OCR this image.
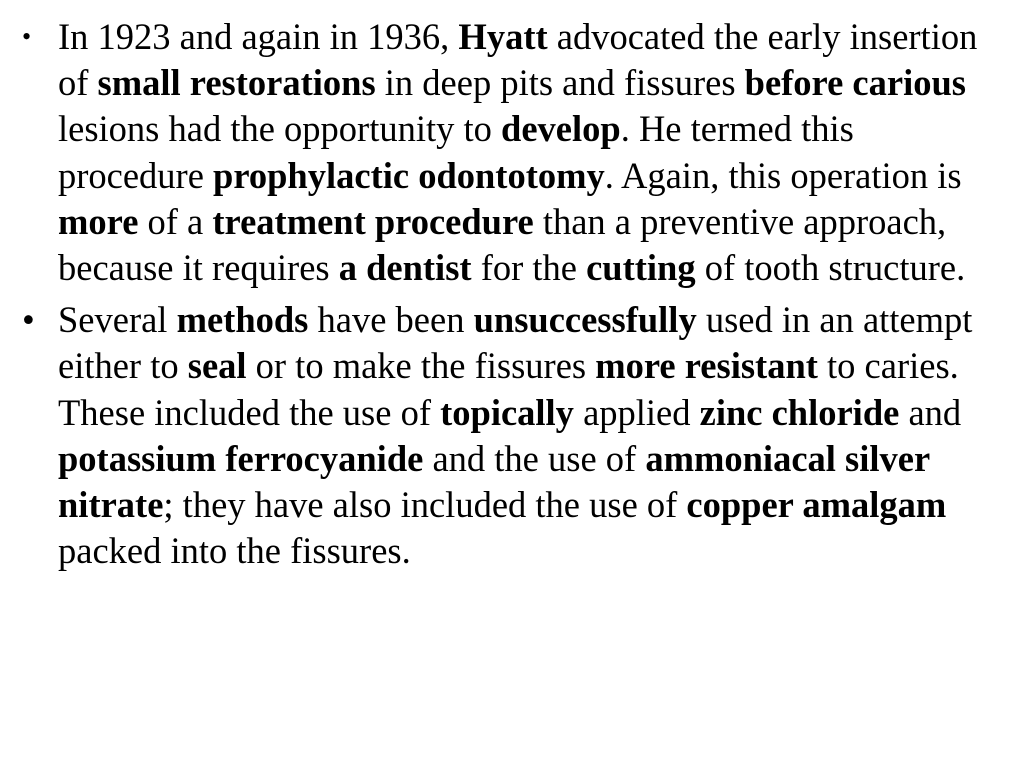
• In 1923 and again in 1936, Hyatt advocated the early insertion of small restorations in deep pits and fissures before carious lesions had the opportunity to develop. He termed this procedure prophylactic odontotomy. Again, this operation is more of a treatment procedure than a preventive approach, because it requires a dentist for the cutting of tooth structure.
• Several methods have been unsuccessfully used in an attempt either to seal or to make the fissures more resistant to caries. These included the use of topically applied zinc chloride and potassium ferrocyanide and the use of ammoniacal silver nitrate; they have also included the use of copper amalgam packed into the fissures.
